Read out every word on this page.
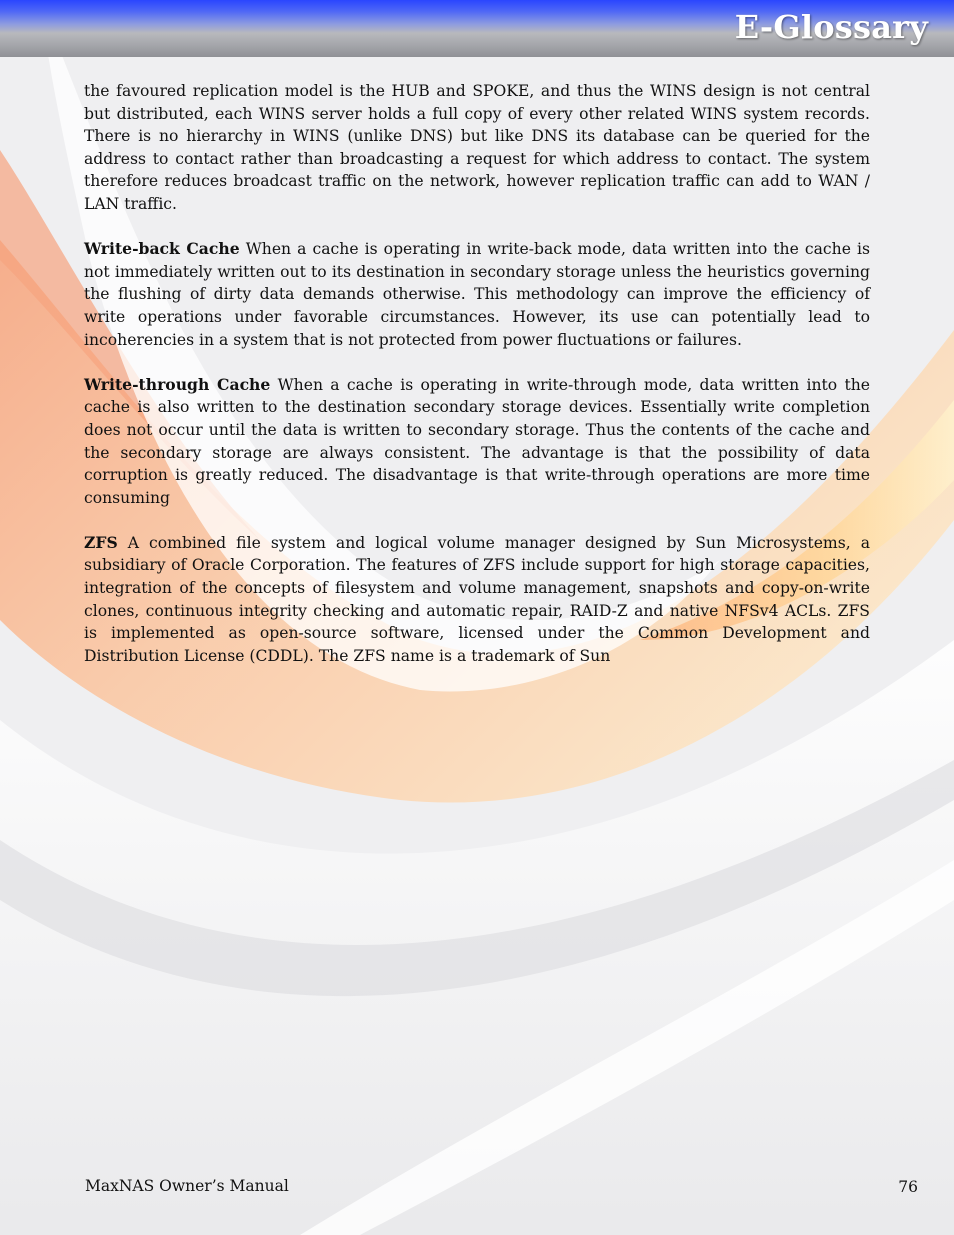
E-Glossary

the favoured replication model is the HUB and SPOKE, and thus the WINS design is not central but distributed, each WINS server holds a full copy of every other related WINS system records. There is no hierarchy in WINS (unlike DNS) but like DNS its database can be queried for the address to contact rather than broadcasting a request for which address to contact. The system therefore reduces broadcast traffic on the network, however replication traffic can add to WAN / LAN traffic.

Write-back Cache When a cache is operating in write-back mode, data written into the cache is not immediately written out to its destination in secondary storage unless the heuristics governing the flushing of dirty data demands otherwise. This methodology can improve the efficiency of write operations under favorable circumstances. However, its use can potentially lead to incoherencies in a system that is not protected from power fluctuations or failures.

Write-through Cache When a cache is operating in write-through mode, data written into the cache is also written to the destination secondary storage devices. Essentially write completion does not occur until the data is written to secondary storage. Thus the contents of the cache and the secondary storage are always consistent. The advantage is that the possibility of data corruption is greatly reduced. The disadvantage is that write-through operations are more time consuming

ZFS A combined file system and logical volume manager designed by Sun Microsystems, a subsidiary of Oracle Corporation. The features of ZFS include support for high storage capacities, integration of the concepts of filesystem and volume management, snapshots and copy-on-write clones, continuous integrity checking and automatic repair, RAID-Z and native NFSv4 ACLs. ZFS is implemented as open-source software, licensed under the Common Development and Distribution License (CDDL). The ZFS name is a trademark of Sun

MaxNAS Owner’s Manual	76
